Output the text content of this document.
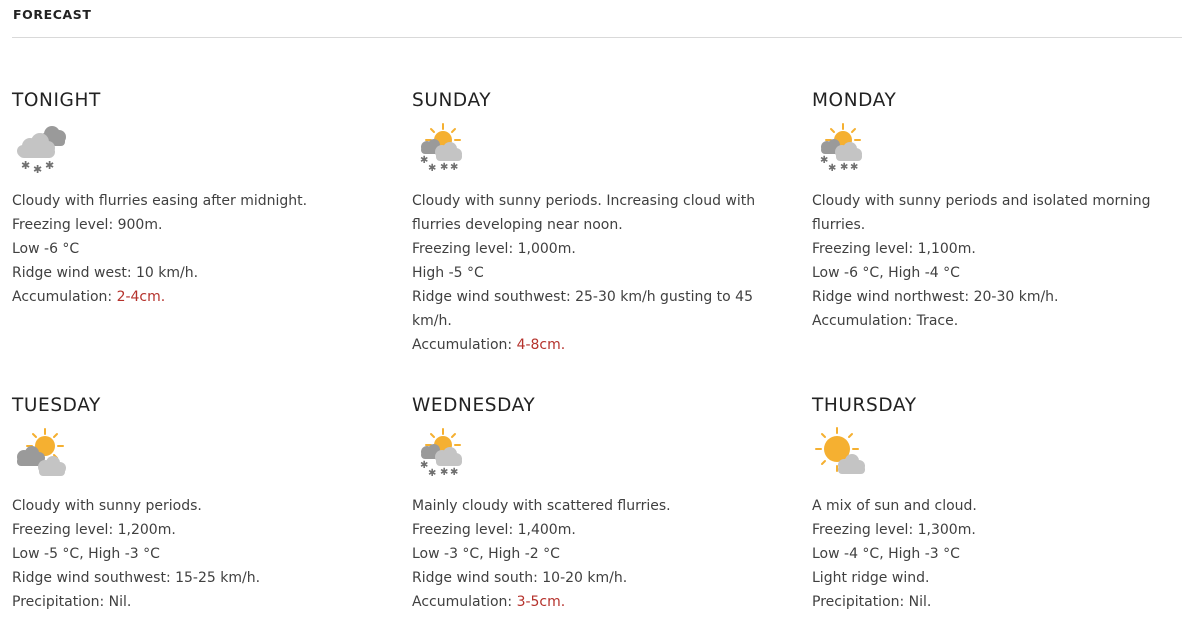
FORECAST
TONIGHT
✱ ✱ ✱
Cloudy with flurries easing after midnight.
Freezing level: 900m.
Low -6 °C
Ridge wind west: 10 km/h.
Accumulation: 2-4cm.
SUNDAY
✱
✱ ✱ ✱
Cloudy with sunny periods. Increasing cloud with flurries developing near noon.
Freezing level: 1,000m.
High -5 °C
Ridge wind southwest: 25-30 km/h gusting to 45 km/h.
Accumulation: 4-8cm.
MONDAY
✱
✱ ✱ ✱
Cloudy with sunny periods and isolated morning flurries.
Freezing level: 1,100m.
Low -6 °C, High -4 °C
Ridge wind northwest: 20-30 km/h.
Accumulation: Trace.
TUESDAY
Cloudy with sunny periods.
Freezing level: 1,200m.
Low -5 °C, High -3 °C
Ridge wind southwest: 15-25 km/h.
Precipitation: Nil.
WEDNESDAY
✱
✱ ✱ ✱
Mainly cloudy with scattered flurries.
Freezing level: 1,400m.
Low -3 °C, High -2 °C
Ridge wind south: 10-20 km/h.
Accumulation: 3-5cm.
THURSDAY
A mix of sun and cloud.
Freezing level: 1,300m.
Low -4 °C, High -3 °C
Light ridge wind.
Precipitation: Nil.
